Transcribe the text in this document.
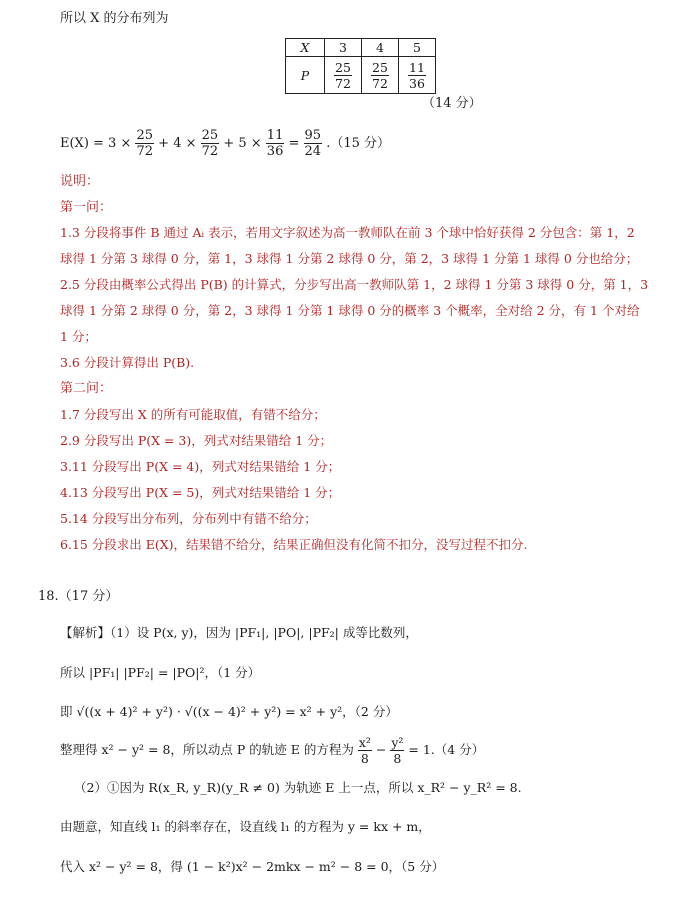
所以 X 的分布列为
X	3	4	5
P	$\frac{25}{72}$	$\frac{25}{72}$	$\frac{11}{36}$
（14 分）
$E(X) = 3 \times \frac{25}{72} + 4 \times \frac{25}{72} + 5 \times \frac{11}{36} = \frac{95}{24} .(15$ 分）
说明：
第一问：
1.3 分段将事件 B 通过 Aᵢ 表示，若用文字叙述为高一教师队在前 3 个球中恰好获得 2 分包含：第 1，2
球得 1 分第 3 球得 0 分，第 1，3 球得 1 分第 2 球得 0 分，第 2，3 球得 1 分第 1 球得 0 分也给分；
2.5 分段由概率公式得出 P(B) 的计算式，分步写出高一教师队第 1，2 球得 1 分第 3 球得 0 分，第 1，3
球得 1 分第 2 球得 0 分，第 2，3 球得 1 分第 1 球得 0 分的概率 3 个概率，全对给 2 分，有 1 个对给
1 分；
3.6 分段计算得出 P(B).
第二问：
1.7 分段写出 X 的所有可能取值，有错不给分；
2.9 分段写出 P(X = 3)，列式对结果错给 1 分；
3.11 分段写出 P(X = 4)，列式对结果错给 1 分；
4.13 分段写出 P(X = 5)，列式对结果错给 1 分；
5.14 分段写出分布列，分布列中有错不给分；
6.15 分段求出 E(X)，结果错不给分，结果正确但没有化简不扣分，没写过程不扣分.
18.（17 分）
【解析】（1）设 P(x, y)，因为 |PF₁|, |PO|, |PF₂| 成等比数列，
所以 |PF₁| |PF₂| = |PO|²，（1 分）
即 √((x + 4)² + y²) · √((x − 4)² + y²) = x² + y²，（2 分）
整理得 x² − y² = 8，所以动点 P 的轨迹 E 的方程为 $\frac{\text{x²}}{8} - \frac{\text{y²}}{8} = 1.(4$ 分）
（2）①因为 R(x_R, y_R)(y_R ≠ 0) 为轨迹 E 上一点，所以 x_R² − y_R² = 8.
由题意，知直线 l₁ 的斜率存在，设直线 l₁ 的方程为 y = kx + m，
代入 x² − y² = 8，得 (1 − k²)x² − 2mkx − m² − 8 = 0，（5 分）
